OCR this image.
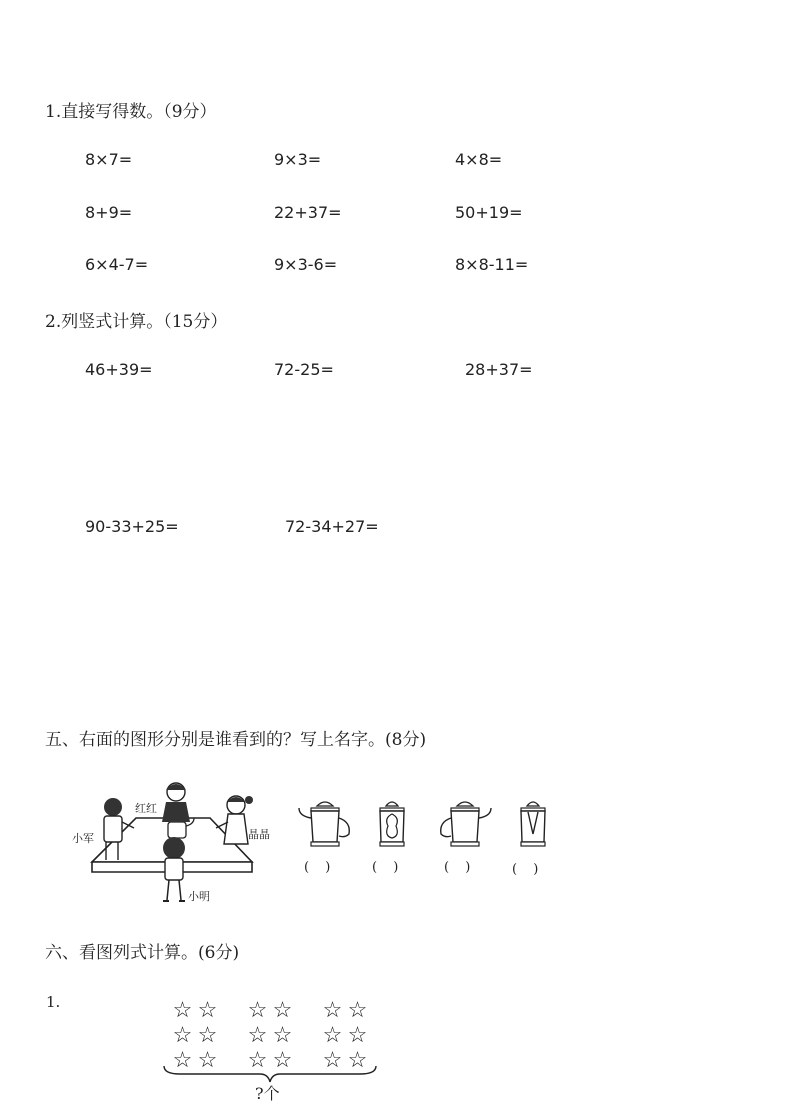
1.直接写得数。（9分）
8×7=	9×3=	4×8=
8+9=	22+37=	50+19=
6×4-7=	9×3-6=	8×8-11=
2.列竖式计算。（15分）
46+39=	72-25=	28+37=
90-33+25=	72-34+27=
五、右面的图形分别是谁看到的？写上名字。(8分)
红红
小军	晶晶
小明
( )	( )	( )	( )
六、看图列式计算。(6分)
1.	☆ ☆
☆ ☆
☆ ☆
☆ ☆
☆ ☆
☆ ☆
☆ ☆
☆ ☆
☆ ☆
?个
